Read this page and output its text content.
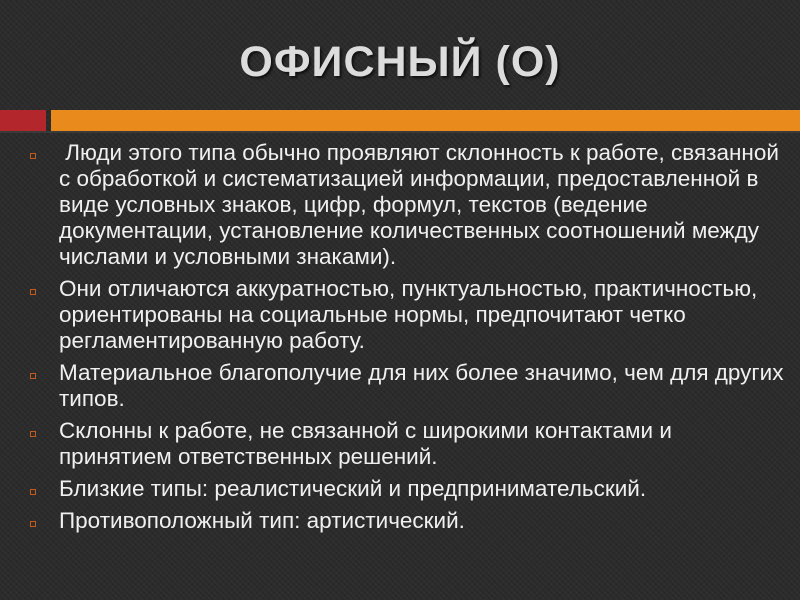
ОФИСНЫЙ (О)
Люди этого типа обычно проявляют склонность к работе, связанной с обработкой и систематизацией информации, предоставленной в виде условных знаков, цифр, формул, текстов (ведение документации, установление количественных соотношений между числами и условными знаками).
Они отличаются аккуратностью, пунктуальностью, практичностью, ориентированы на социальные нормы, предпочитают четко регламентированную работу.
Материальное благополучие для них более значимо, чем для других типов.
Склонны к работе, не связанной с широкими контактами и принятием ответственных решений.
Близкие типы: реалистический и предпринимательский.
Противоположный тип: артистический.
